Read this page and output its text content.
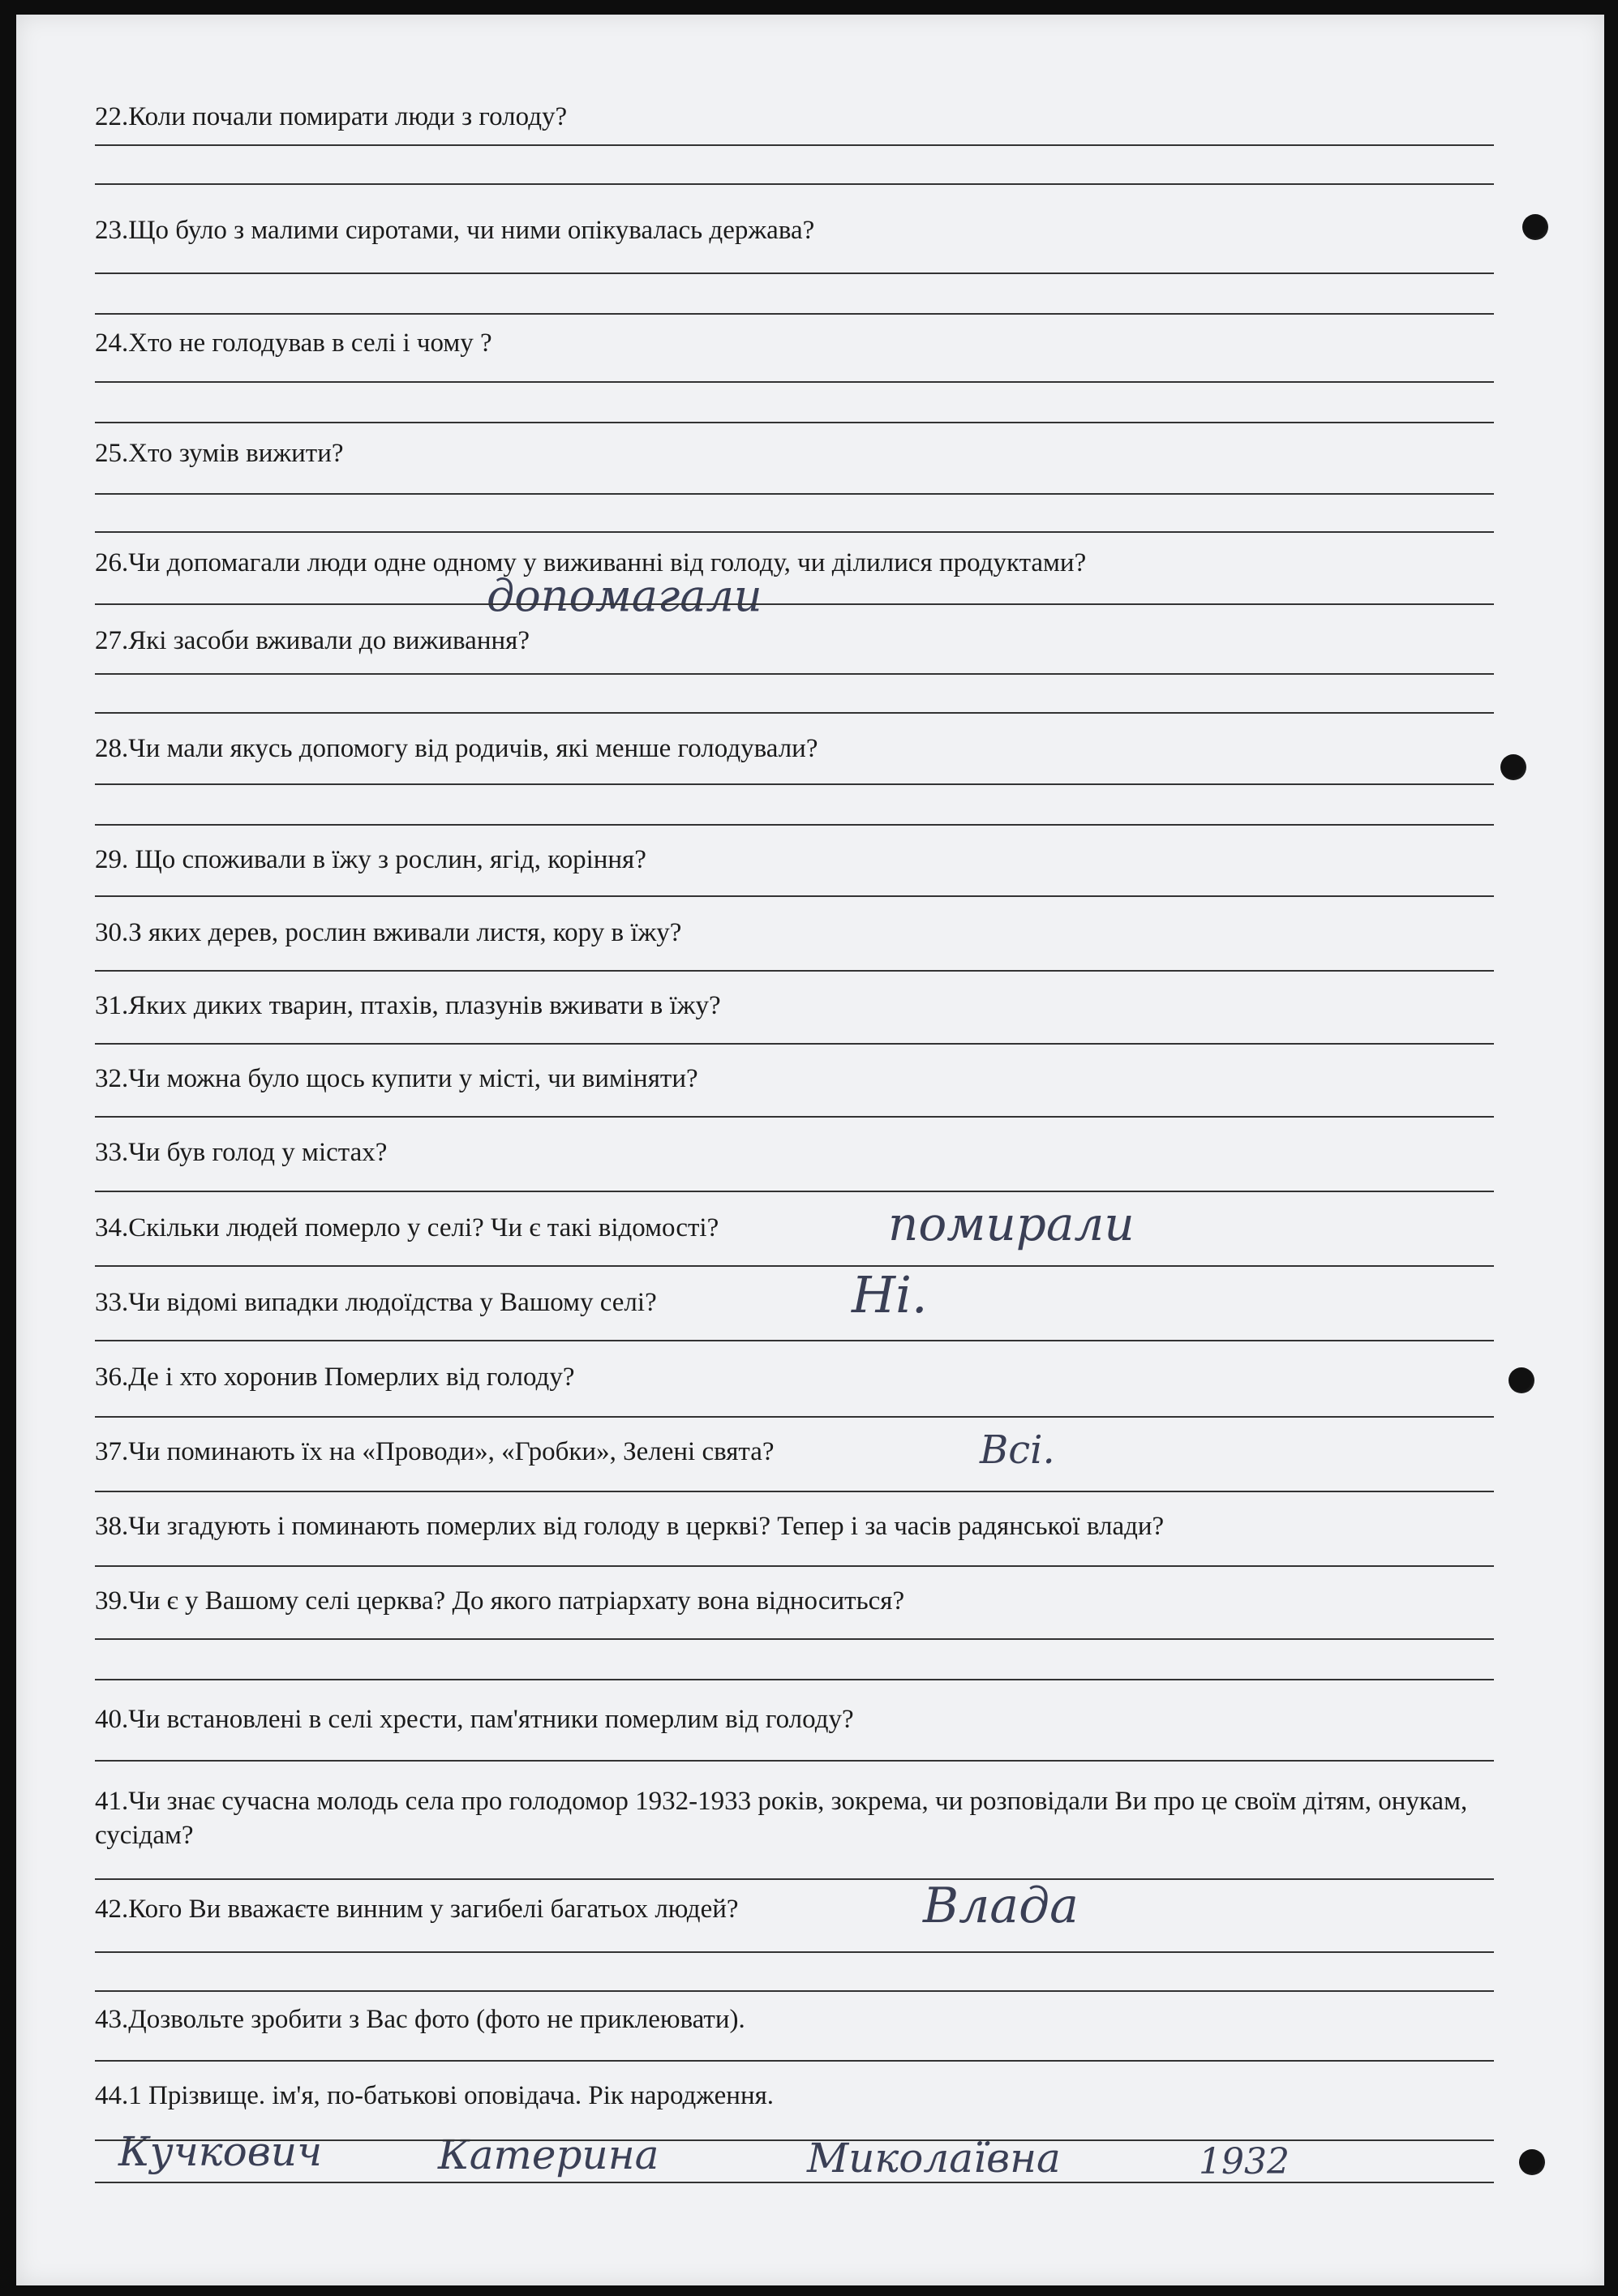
22.Коли почали помирати люди з голоду?
23.Що було з малими сиротами, чи ними опікувалась держава?
24.Хто не голодував в селі і чому ?
25.Хто зумів вижити?
26.Чи допомагали люди одне одному у виживанні від голоду, чи ділилися продуктами?
допомагали
27.Які засоби вживали до виживання?
28.Чи мали якусь допомогу від родичів, які менше голодували?
29. Що споживали в їжу з рослин, ягід, коріння?
30.З яких дерев, рослин вживали листя, кору в їжу?
31.Яких диких тварин, птахів, плазунів вживати в їжу?
32.Чи можна було щось купити у місті, чи виміняти?
33.Чи був голод у містах?
34.Скільки людей померло у селі? Чи є такі відомості?	помирали
33.Чи відомі випадки людоїдства у Вашому селі?	Ні.
36.Де і хто хоронив Померлих від голоду?
37.Чи поминають їх на «Проводи», «Гробки», Зелені свята?	Всі.
38.Чи згадують і поминають померлих від голоду в церкві? Тепер і за часів радянської влади?
39.Чи є у Вашому селі церква? До якого патріархату вона відноситься?
40.Чи встановлені в селі хрести, пам'ятники померлим від голоду?
41.Чи знає сучасна молодь села про голодомор 1932-1933 років, зокрема, чи розповідали Ви про це своїм дітям, онукам, сусідам?
42.Кого Ви вважаєте винним у загибелі багатьох людей?	Влада
43.Дозвольте зробити з Вас фото (фото не приклеювати).
44.1 Прізвище. ім'я, по-батькові оповідача. Рік народження.
Кучкович	Катерина	Миколаївна	1932
